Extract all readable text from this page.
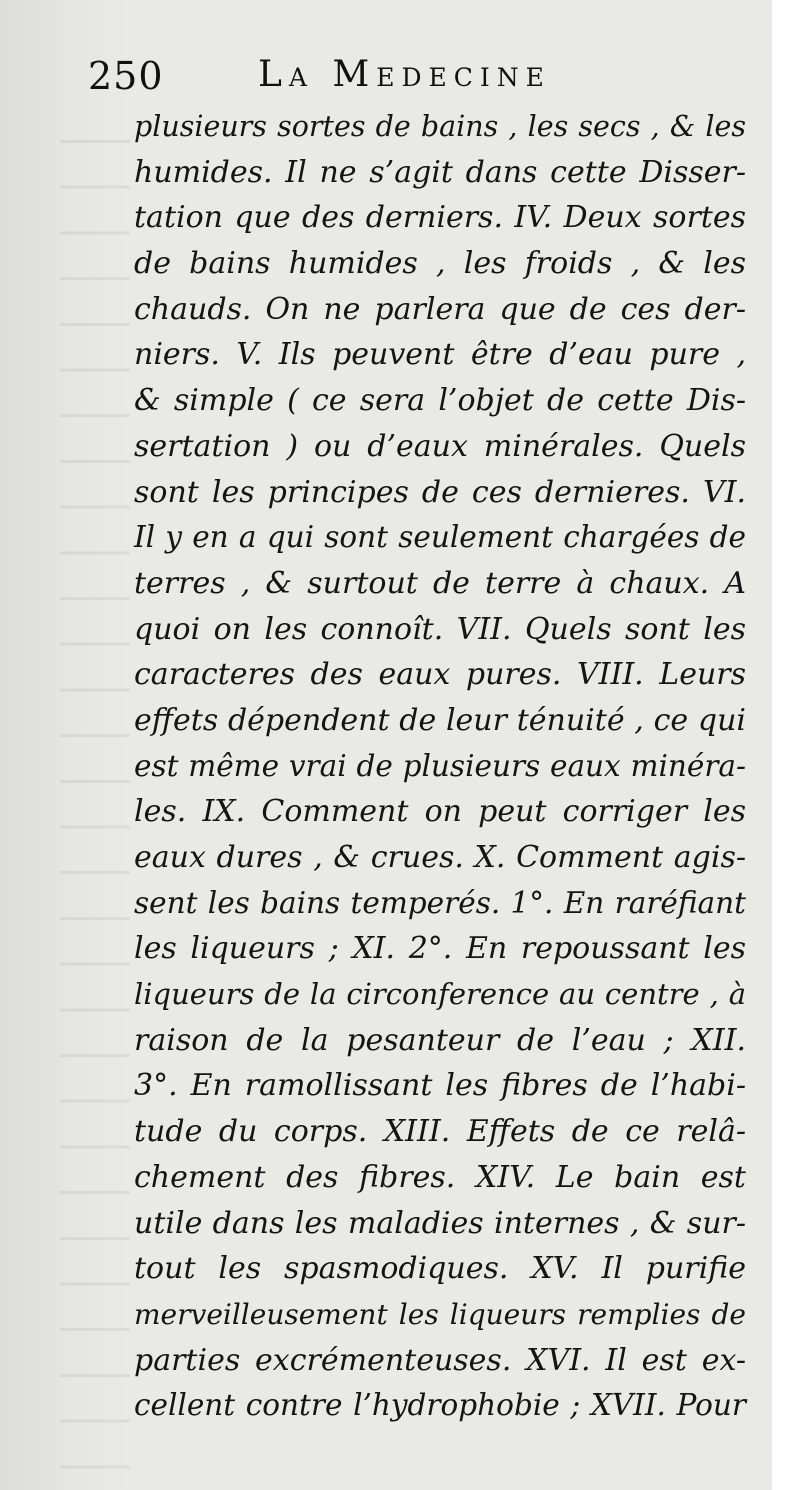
250	La Medecine
plusieurs sortes de bains , les secs , & les
humides. Il ne s’agit dans cette Disser-
tation que des derniers. IV. Deux sortes
de bains humides , les froids , & les
chauds. On ne parlera que de ces der-
niers. V. Ils peuvent être d’eau pure ,
& simple ( ce sera l’objet de cette Dis-
sertation ) ou d’eaux minérales. Quels
sont les principes de ces dernieres. VI.
Il y en a qui sont seulement chargées de
terres , & surtout de terre à chaux. A
quoi on les connoît. VII. Quels sont les
caracteres des eaux pures. VIII. Leurs
effets dépendent de leur ténuité , ce qui
est même vrai de plusieurs eaux minéra-
les. IX. Comment on peut corriger les
eaux dures , & crues. X. Comment agis-
sent les bains temperés. 1°. En raréfiant
les liqueurs ; XI. 2°. En repoussant les
liqueurs de la circonference au centre , à
raison de la pesanteur de l’eau ; XII.
3°. En ramollissant les fibres de l’habi-
tude du corps. XIII. Effets de ce relâ-
chement des fibres. XIV. Le bain est
utile dans les maladies internes , & sur-
tout les spasmodiques. XV. Il purifie
merveilleusement les liqueurs remplies de
parties excrémenteuses. XVI. Il est ex-
cellent contre l’hydrophobie ; XVII. Pour
